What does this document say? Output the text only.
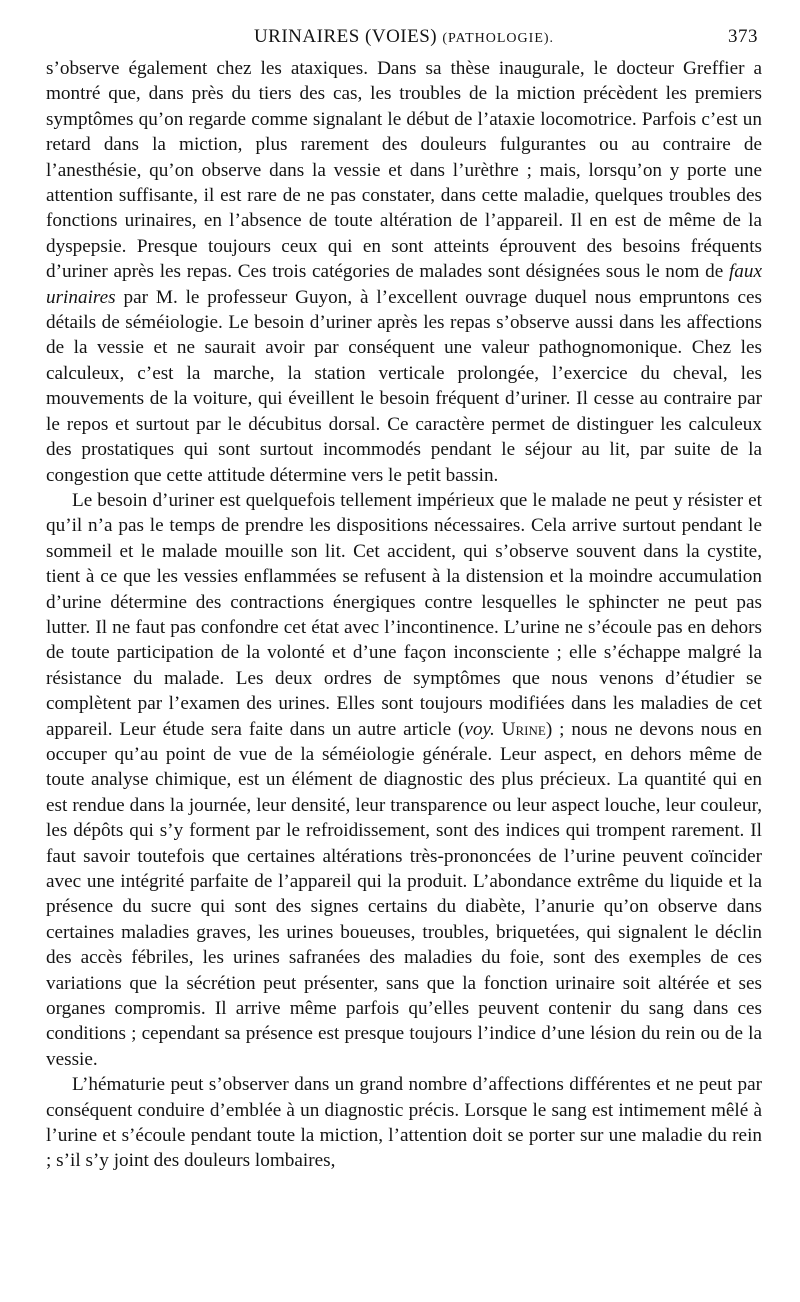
URINAIRES (VOIES) (PATHOLOGIE).	373

s’observe également chez les ataxiques. Dans sa thèse inaugurale, le docteur Greffier a montré que, dans près du tiers des cas, les troubles de la miction précèdent les premiers symptômes qu’on regarde comme signalant le début de l’ataxie locomotrice. Parfois c’est un retard dans la miction, plus rarement des douleurs fulgurantes ou au contraire de l’anesthésie, qu’on observe dans la vessie et dans l’urèthre ; mais, lorsqu’on y porte une attention suffisante, il est rare de ne pas constater, dans cette maladie, quelques troubles des fonctions urinaires, en l’absence de toute altération de l’appareil. Il en est de même de la dyspepsie. Presque toujours ceux qui en sont atteints éprouvent des besoins fréquents d’uriner après les repas. Ces trois catégories de malades sont désignées sous le nom de faux urinaires par M. le professeur Guyon, à l’excellent ouvrage duquel nous empruntons ces détails de séméiologie. Le besoin d’uriner après les repas s’observe aussi dans les affections de la vessie et ne saurait avoir par conséquent une valeur pathognomonique. Chez les calculeux, c’est la marche, la station verticale prolongée, l’exercice du cheval, les mouvements de la voiture, qui éveillent le besoin fréquent d’uriner. Il cesse au contraire par le repos et surtout par le décubitus dorsal. Ce caractère permet de distinguer les calculeux des prostatiques qui sont surtout incommodés pendant le séjour au lit, par suite de la congestion que cette attitude détermine vers le petit bassin.

Le besoin d’uriner est quelquefois tellement impérieux que le malade ne peut y résister et qu’il n’a pas le temps de prendre les dispositions nécessaires. Cela arrive surtout pendant le sommeil et le malade mouille son lit. Cet accident, qui s’observe souvent dans la cystite, tient à ce que les vessies enflammées se refusent à la distension et la moindre accumulation d’urine détermine des contractions énergiques contre lesquelles le sphincter ne peut pas lutter. Il ne faut pas confondre cet état avec l’incontinence. L’urine ne s’écoule pas en dehors de toute participation de la volonté et d’une façon inconsciente ; elle s’échappe malgré la résistance du malade. Les deux ordres de symptômes que nous venons d’étudier se complètent par l’examen des urines. Elles sont toujours modifiées dans les maladies de cet appareil. Leur étude sera faite dans un autre article (voy. Urine) ; nous ne devons nous en occuper qu’au point de vue de la séméiologie générale. Leur aspect, en dehors même de toute analyse chimique, est un élément de diagnostic des plus précieux. La quantité qui en est rendue dans la journée, leur densité, leur transparence ou leur aspect louche, leur couleur, les dépôts qui s’y forment par le refroidissement, sont des indices qui trompent rarement. Il faut savoir toutefois que certaines altérations très-prononcées de l’urine peuvent coïncider avec une intégrité parfaite de l’appareil qui la produit. L’abondance extrême du liquide et la présence du sucre qui sont des signes certains du diabète, l’anurie qu’on observe dans certaines maladies graves, les urines boueuses, troubles, briquetées, qui signalent le déclin des accès fébriles, les urines safranées des maladies du foie, sont des exemples de ces variations que la sécrétion peut présenter, sans que la fonction urinaire soit altérée et ses organes compromis. Il arrive même parfois qu’elles peuvent contenir du sang dans ces conditions ; cependant sa présence est presque toujours l’indice d’une lésion du rein ou de la vessie.

L’hématurie peut s’observer dans un grand nombre d’affections différentes et ne peut par conséquent conduire d’emblée à un diagnostic précis. Lorsque le sang est intimement mêlé à l’urine et s’écoule pendant toute la miction, l’attention doit se porter sur une maladie du rein ; s’il s’y joint des douleurs lombaires,
